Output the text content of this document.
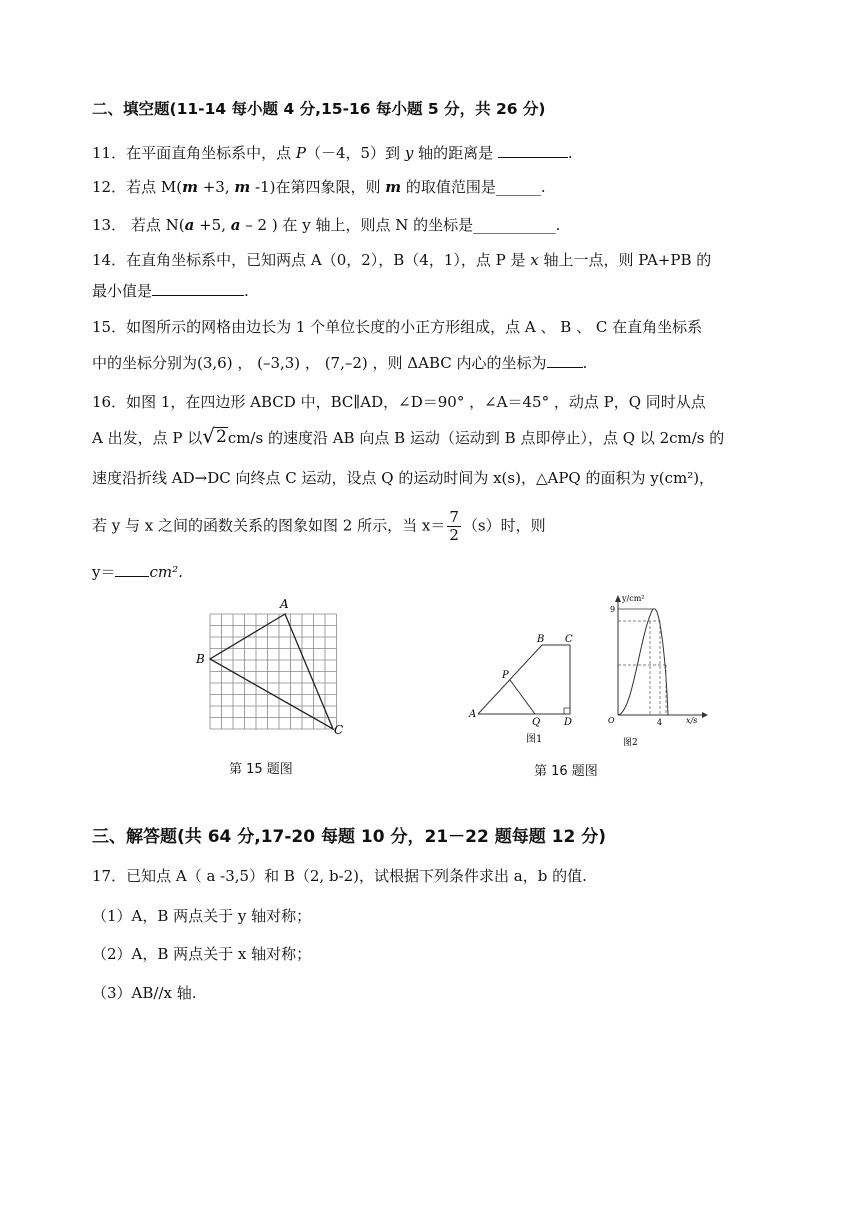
二、填空题(11-14 每小题 4 分,15-16 每小题 5 分，共 26 分)
11．在平面直角坐标系中，点 P（－4，5）到 y 轴的距离是	.
12．若点 M(m +3, m -1)在第四象限，则 m 的取值范围是______.
13． 若点 N(a +5, a – 2 ) 在 y 轴上，则点 N 的坐标是___________.
14．在直角坐标系中，已知两点 A（0，2），B（4，1），点 P 是 x 轴上一点，则 PA+PB 的
最小值是	.
15．如图所示的网格由边长为 1 个单位长度的小正方形组成，点 A 、 B 、 C 在直角坐标系
中的坐标分别为(3,6) ， (–3,3) ， (7,–2) ，则 ΔABC 内心的坐标为 .
16．如图 1，在四边形 ABCD 中，BC∥AD，∠D＝90° ，∠A＝45° ，动点 P，Q 同时从点
A 出发，点 P 以 √ 2 cm/s 的速度沿 AB 向点 B 运动（运动到 B 点即停止），点 Q 以 2cm/s 的
速度沿折线 AD→DC 向终点 C 运动，设点 Q 的运动时间为 x(s)，△APQ 的面积为 y(cm²)，
若 y 与 x 之间的函数关系的图象如图 2 所示，当 $x= \frac{7}{2} (s)$时，则
y＝ cm².
A
B
C
第 15 题图
B C
P
A
Q D
图1
y/cm²
9
4
O	x/s
图2
第 16 题图
三、解答题(共 64 分,17-20 每题 10 分，21－22 题每题 12 分)
17．已知点 A（ a -3,5）和 B（2, b-2)，试根据下列条件求出 a，b 的值.
（1）A，B 两点关于 y 轴对称；
（2）A，B 两点关于 x 轴对称；
（3）AB//x 轴.
